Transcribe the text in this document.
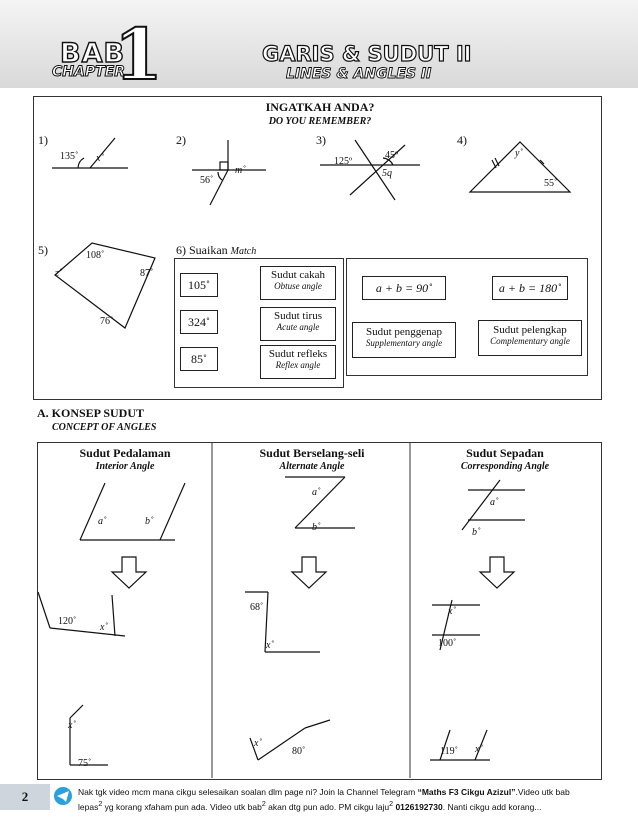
BAB
1
CHAPTER
GARIS & SUDUT II
LINES & ANGLES II
INGATKAH ANDA?
DO YOU REMEMBER?
1)
135˚ x˚
2)
m˚
56˚
3)
125º
45º
5q
4)
y˚
55˚
5)	108˚
z˚	87˚
76˚
6) Suaikan Match
105˚
324˚
85˚
Sudut cakah
Obtuse angle
Sudut tirus
Acute angle
Sudut refleks
Reflex angle
a + b = 90˚	a + b = 180˚
Sudut penggenap
Supplementary angle
Sudut pelengkap
Complementary angle
A. KONSEP SUDUT
CONCEPT OF ANGLES
Sudut Pedalaman
Interior Angle
Sudut Berselang-seli
Alternate Angle
Sudut Sepadan
Corresponding Angle
a˚	b˚
120˚
x˚
x˚
75˚
a˚
b˚
68˚
x˚
x˚
80˚
a˚
b˚
x˚
100˚
119˚ x˚
2	Nak tgk video mcm mana cikgu selesaikan soalan dlm page ni? Join la Channel Telegram “Maths F3 Cikgu Azizul”.Video utk bab lepas$^2$ yg korang xfaham pun ada. Video utk bab$^2$ akan dtg pun ado. PM cikgu laju$^2$ 0126192730. Nanti cikgu add korang...
